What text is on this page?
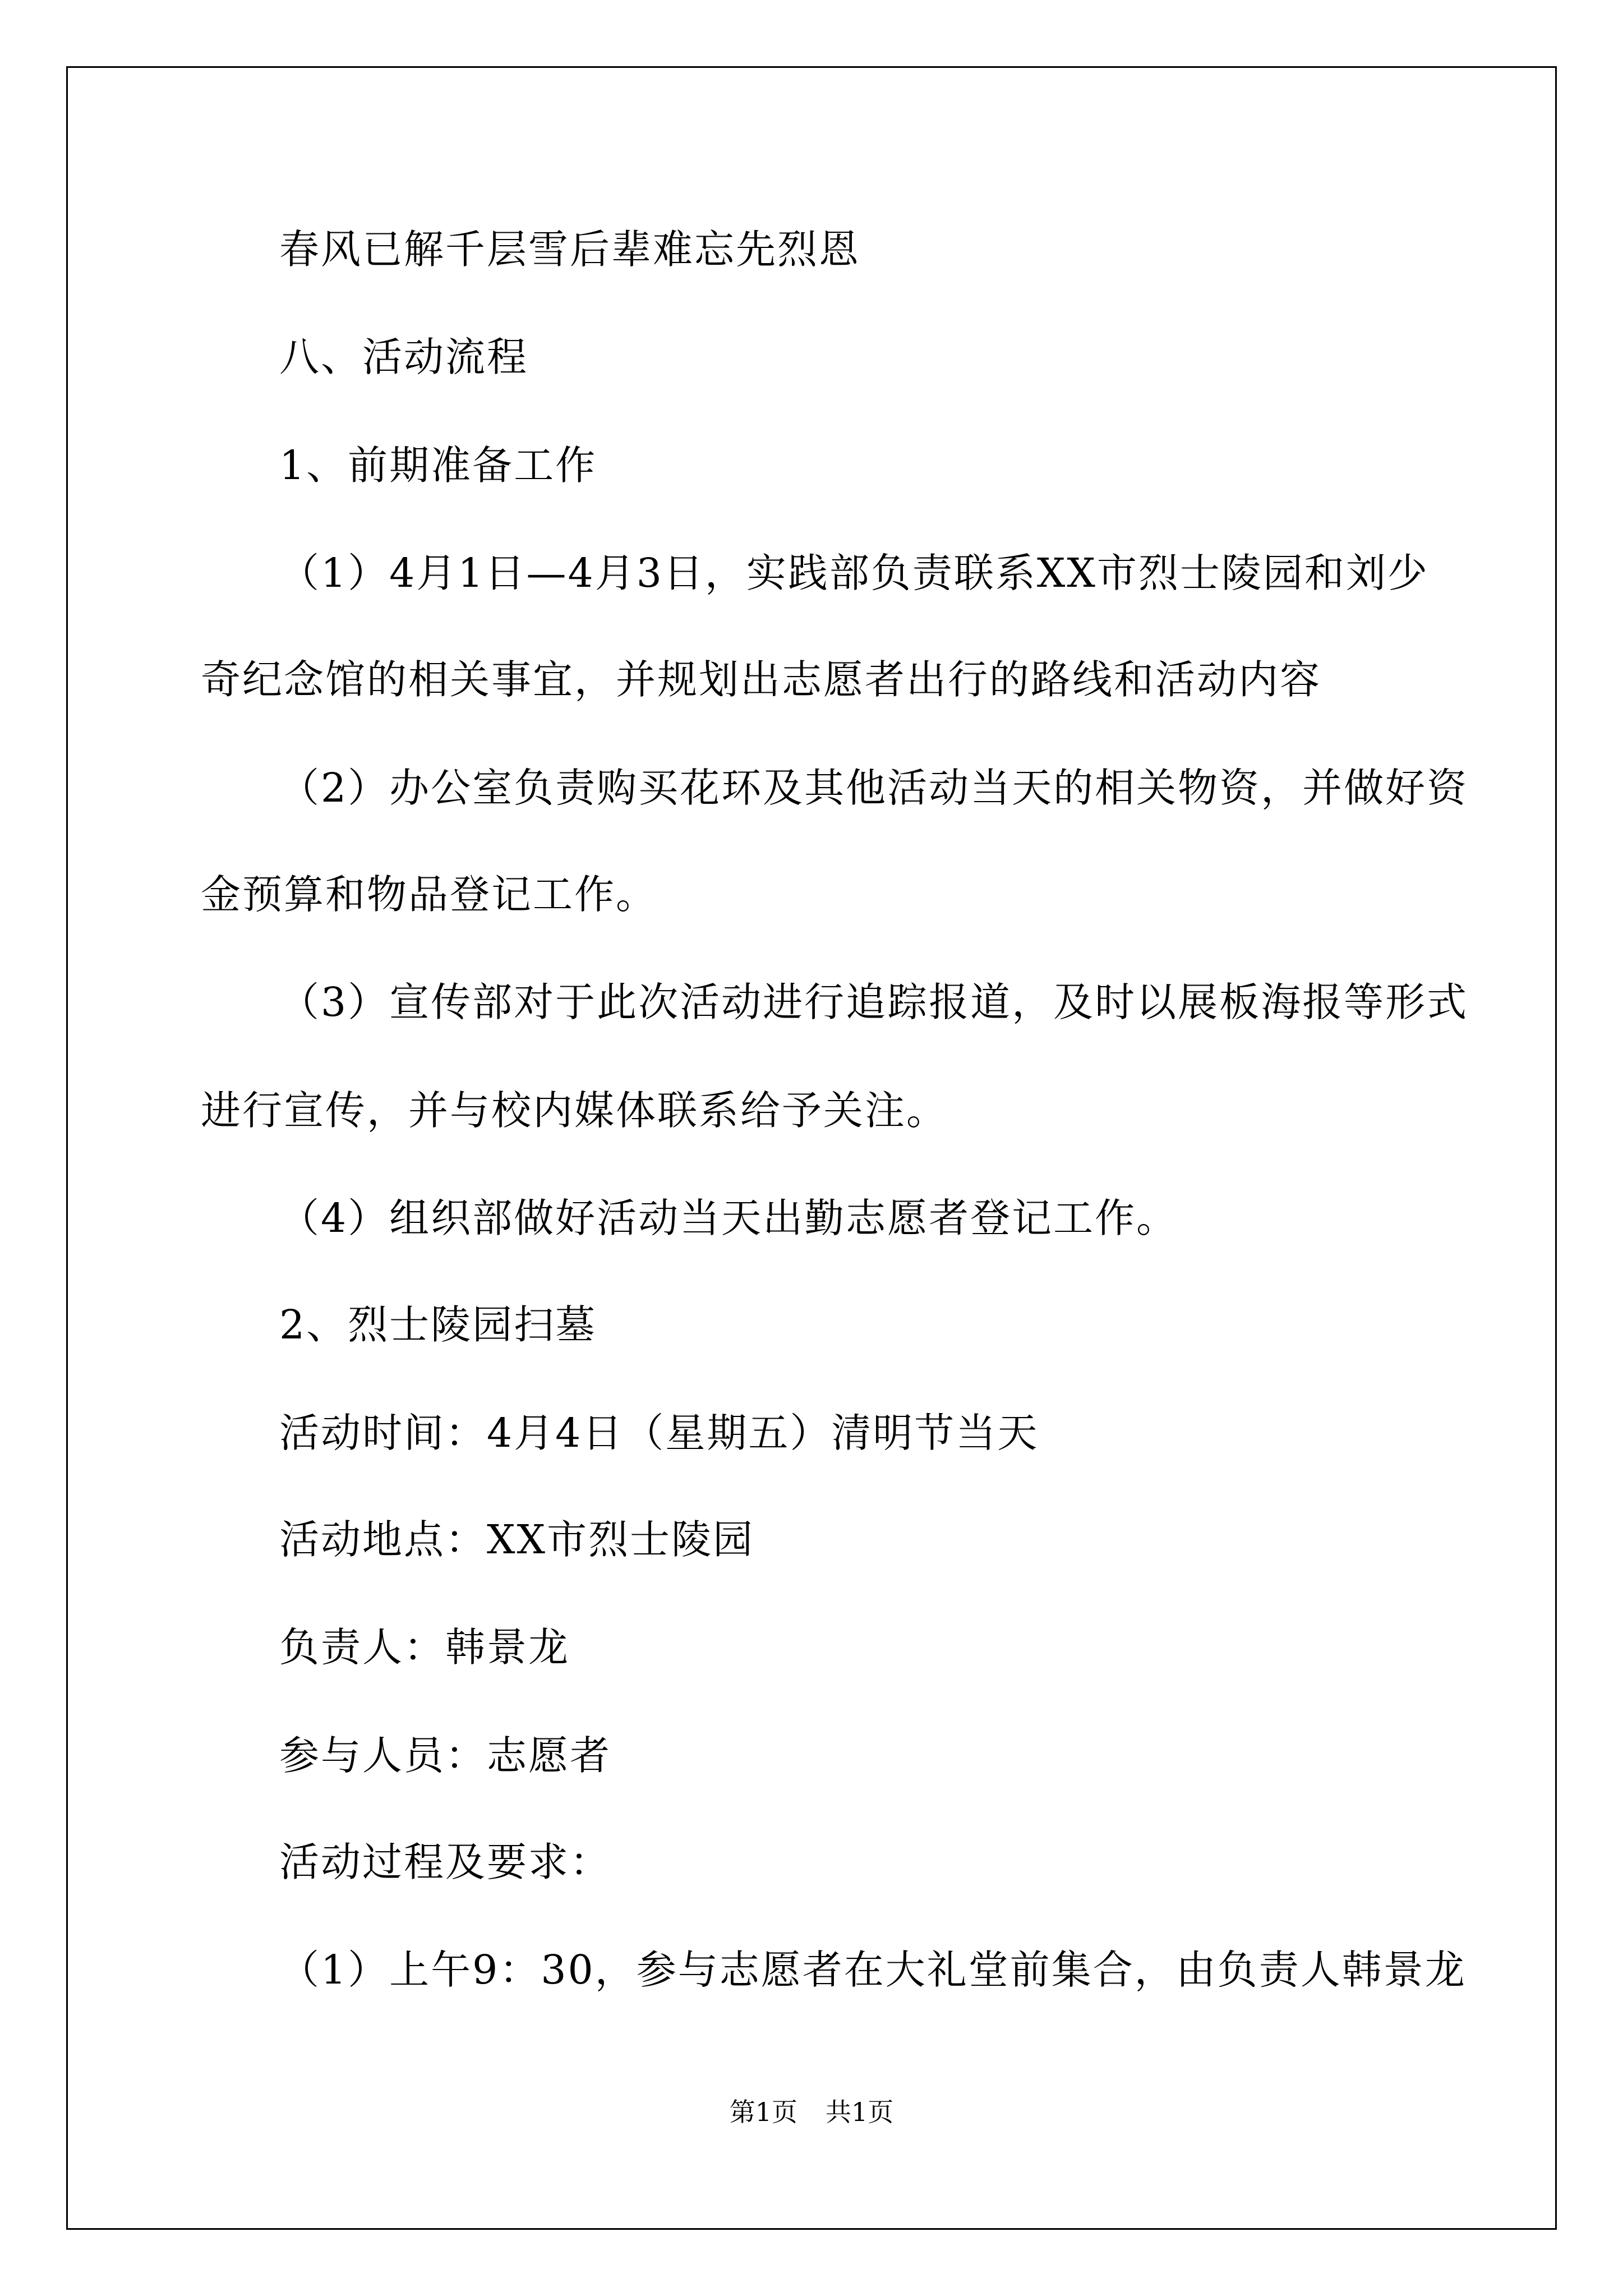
春风已解千层雪后辈难忘先烈恩
八、活动流程
1、前期准备工作
（1）4月1日—4月3日，实践部负责联系XX市烈士陵园和刘少
奇纪念馆的相关事宜，并规划出志愿者出行的路线和活动内容
（2）办公室负责购买花环及其他活动当天的相关物资，并做好资
金预算和物品登记工作。
（3）宣传部对于此次活动进行追踪报道，及时以展板海报等形式
进行宣传，并与校内媒体联系给予关注。
（4）组织部做好活动当天出勤志愿者登记工作。
2、烈士陵园扫墓
活动时间：4月4日（星期五）清明节当天
活动地点：XX市烈士陵园
负责人：韩景龙
参与人员：志愿者
活动过程及要求：
（1）上午9：30，参与志愿者在大礼堂前集合，由负责人韩景龙
第1页 共1页
